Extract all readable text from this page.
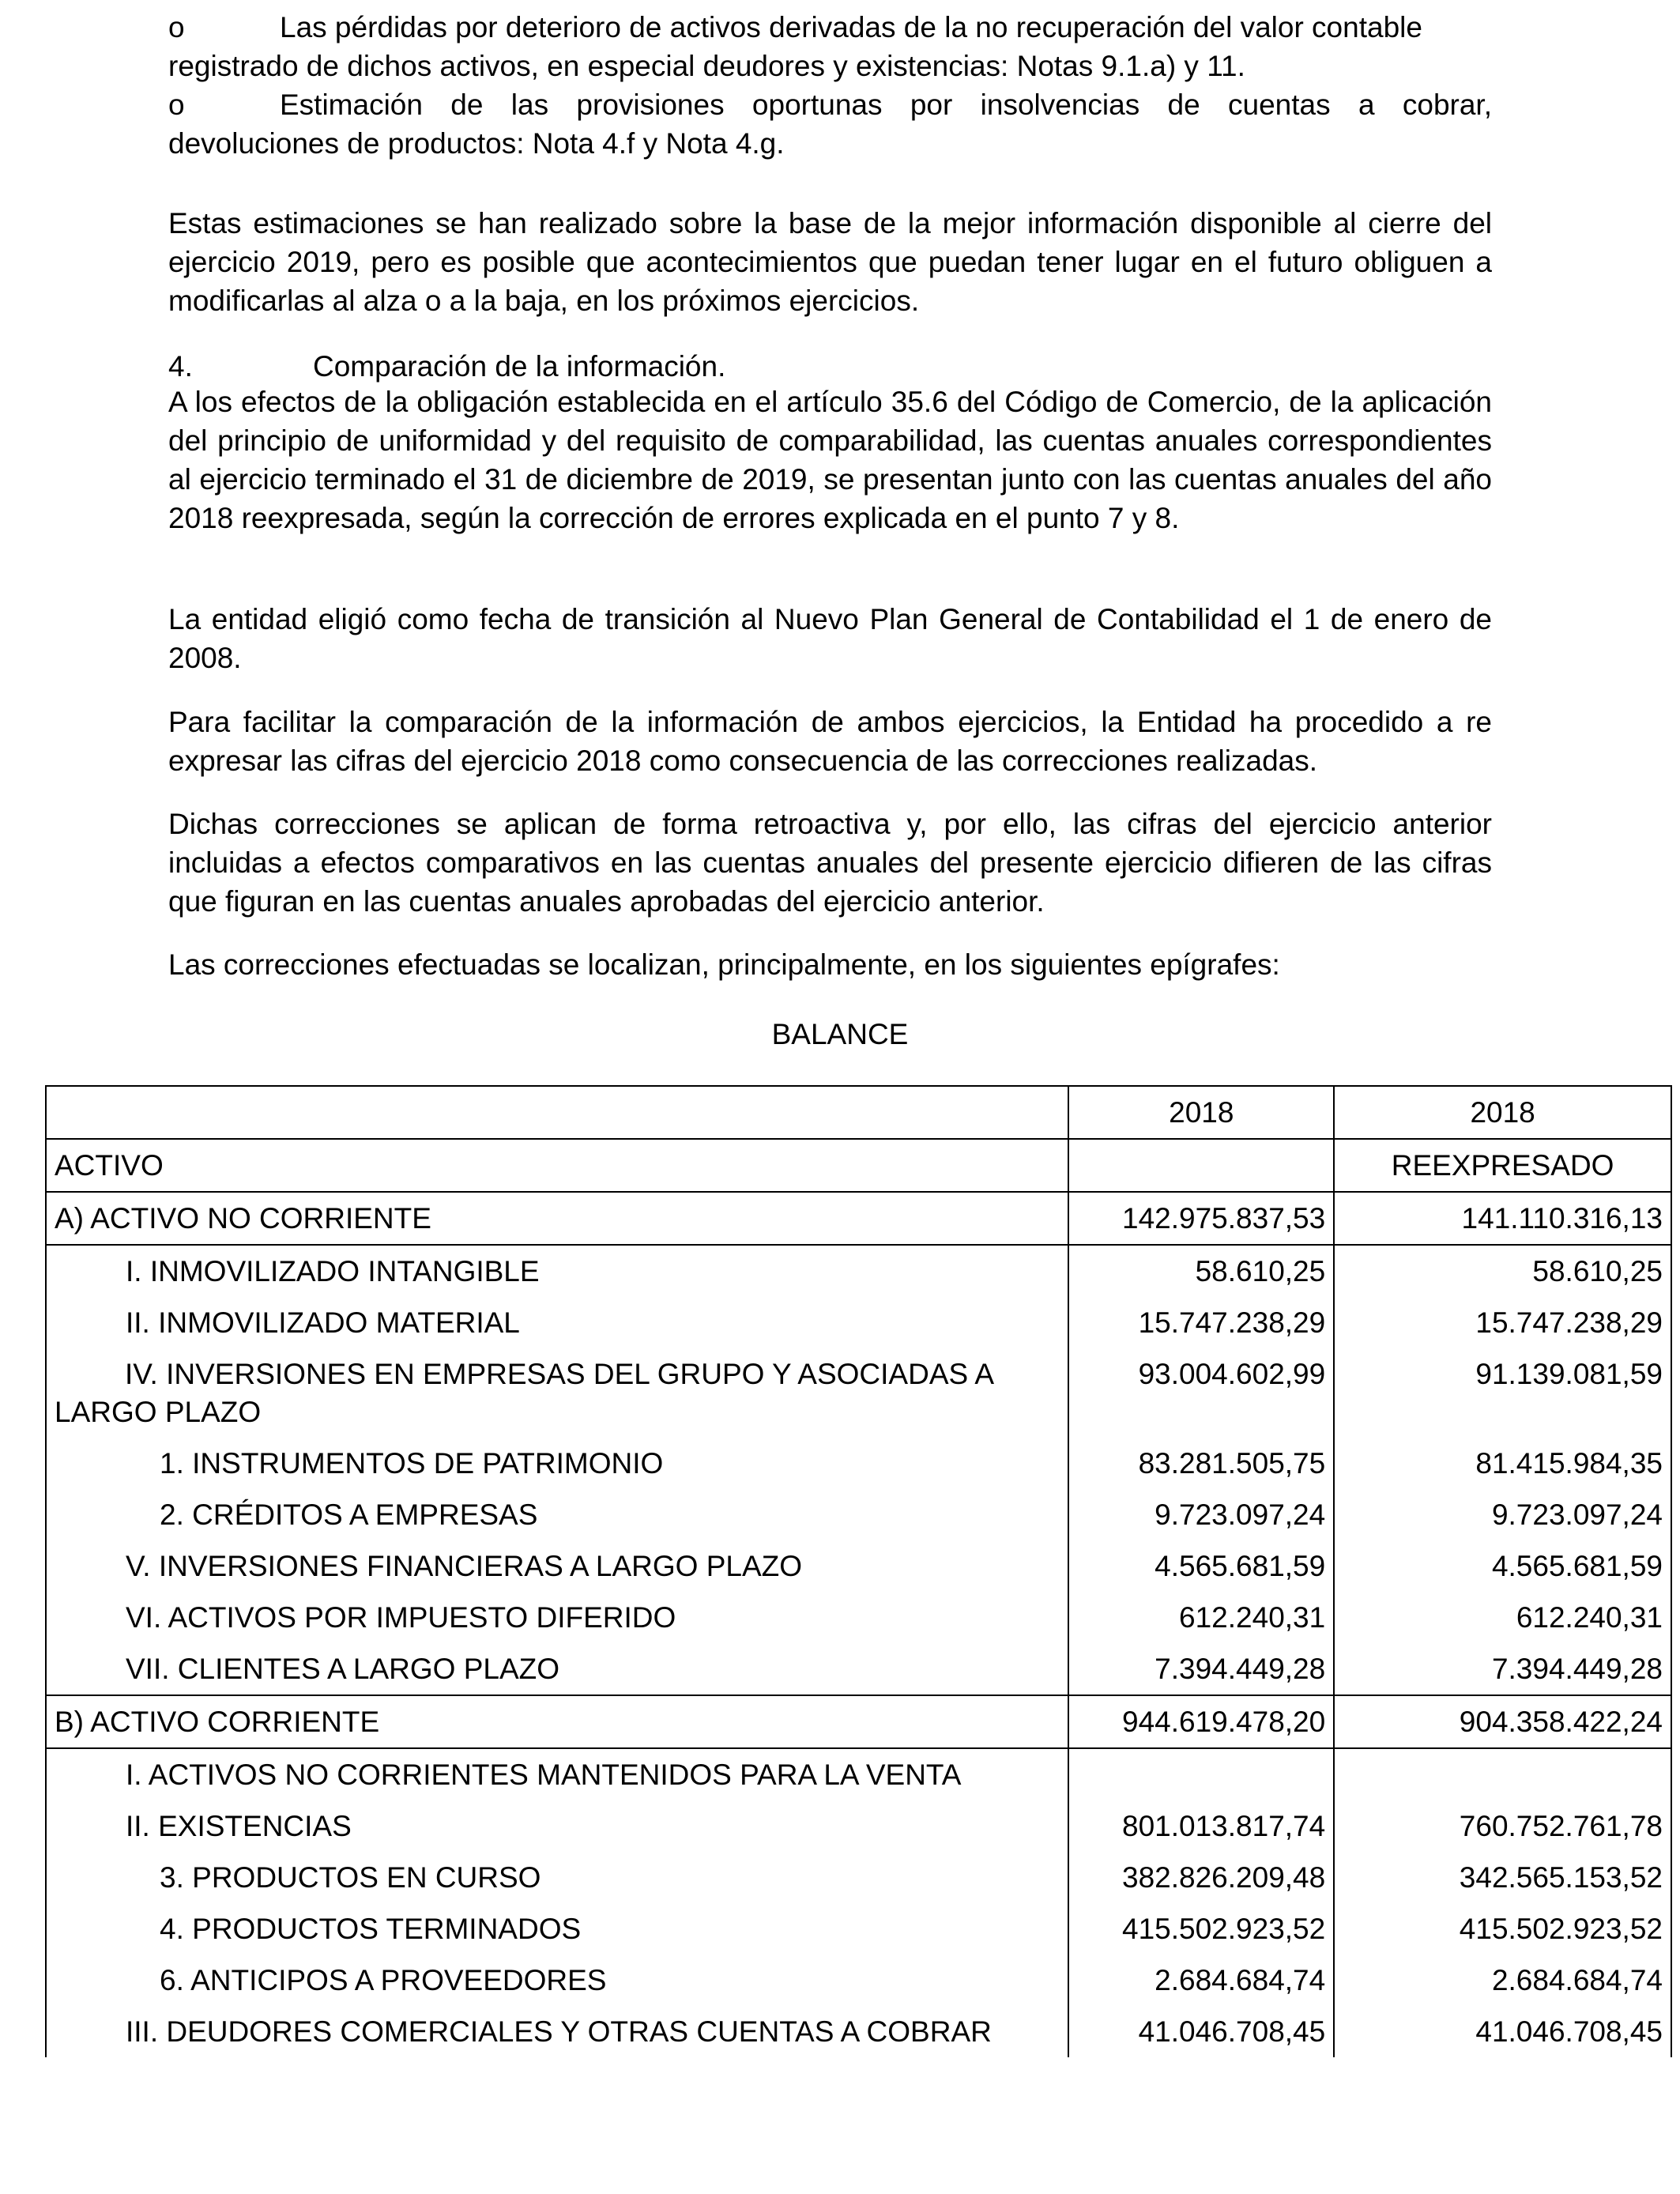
o	Las pérdidas por deterioro de activos derivadas de la no recuperación del valor contable
registrado de dichos activos, en especial deudores y existencias: Notas 9.1.a) y 11.
o	Estimación de las provisiones oportunas por insolvencias de cuentas a cobrar,
devoluciones de productos: Nota 4.f y Nota 4.g.

Estas estimaciones se han realizado sobre la base de la mejor información disponible al cierre del ejercicio 2019, pero es posible que acontecimientos que puedan tener lugar en el futuro obliguen a modificarlas al alza o a la baja, en los próximos ejercicios.

4.	Comparación de la información.

A los efectos de la obligación establecida en el artículo 35.6 del Código de Comercio, de la aplicación del principio de uniformidad y del requisito de comparabilidad, las cuentas anuales correspondientes al ejercicio terminado el 31 de diciembre de 2019, se presentan junto con las cuentas anuales del año 2018 reexpresada, según la corrección de errores explicada en el punto 7 y 8.

La entidad eligió como fecha de transición al Nuevo Plan General de Contabilidad el 1 de enero de 2008.

Para facilitar la comparación de la información de ambos ejercicios, la Entidad ha procedido a re expresar las cifras del ejercicio 2018 como consecuencia de las correcciones realizadas.

Dichas correcciones se aplican de forma retroactiva y, por ello, las cifras del ejercicio anterior incluidas a efectos comparativos en las cuentas anuales del presente ejercicio difieren de las cifras que figuran en las cuentas anuales aprobadas del ejercicio anterior.

Las correcciones efectuadas se localizan, principalmente, en los siguientes epígrafes:

BALANCE
	2018	2018
ACTIVO		REEXPRESADO
A) ACTIVO NO CORRIENTE	142.975.837,53	141.110.316,13
I. INMOVILIZADO INTANGIBLE	58.610,25	58.610,25
II. INMOVILIZADO MATERIAL	15.747.238,29	15.747.238,29
IV. INVERSIONES EN EMPRESAS DEL GRUPO Y ASOCIADAS A LARGO PLAZO	93.004.602,99	91.139.081,59
1. INSTRUMENTOS DE PATRIMONIO	83.281.505,75	81.415.984,35
2. CRÉDITOS A EMPRESAS	9.723.097,24	9.723.097,24
V. INVERSIONES FINANCIERAS A LARGO PLAZO	4.565.681,59	4.565.681,59
VI. ACTIVOS POR IMPUESTO DIFERIDO	612.240,31	612.240,31
VII. CLIENTES A LARGO PLAZO	7.394.449,28	7.394.449,28
B) ACTIVO CORRIENTE	944.619.478,20	904.358.422,24
I. ACTIVOS NO CORRIENTES MANTENIDOS PARA LA VENTA		
II. EXISTENCIAS	801.013.817,74	760.752.761,78
3. PRODUCTOS EN CURSO	382.826.209,48	342.565.153,52
4. PRODUCTOS TERMINADOS	415.502.923,52	415.502.923,52
6. ANTICIPOS A PROVEEDORES	2.684.684,74	2.684.684,74
III. DEUDORES COMERCIALES Y OTRAS CUENTAS A COBRAR	41.046.708,45	41.046.708,45
